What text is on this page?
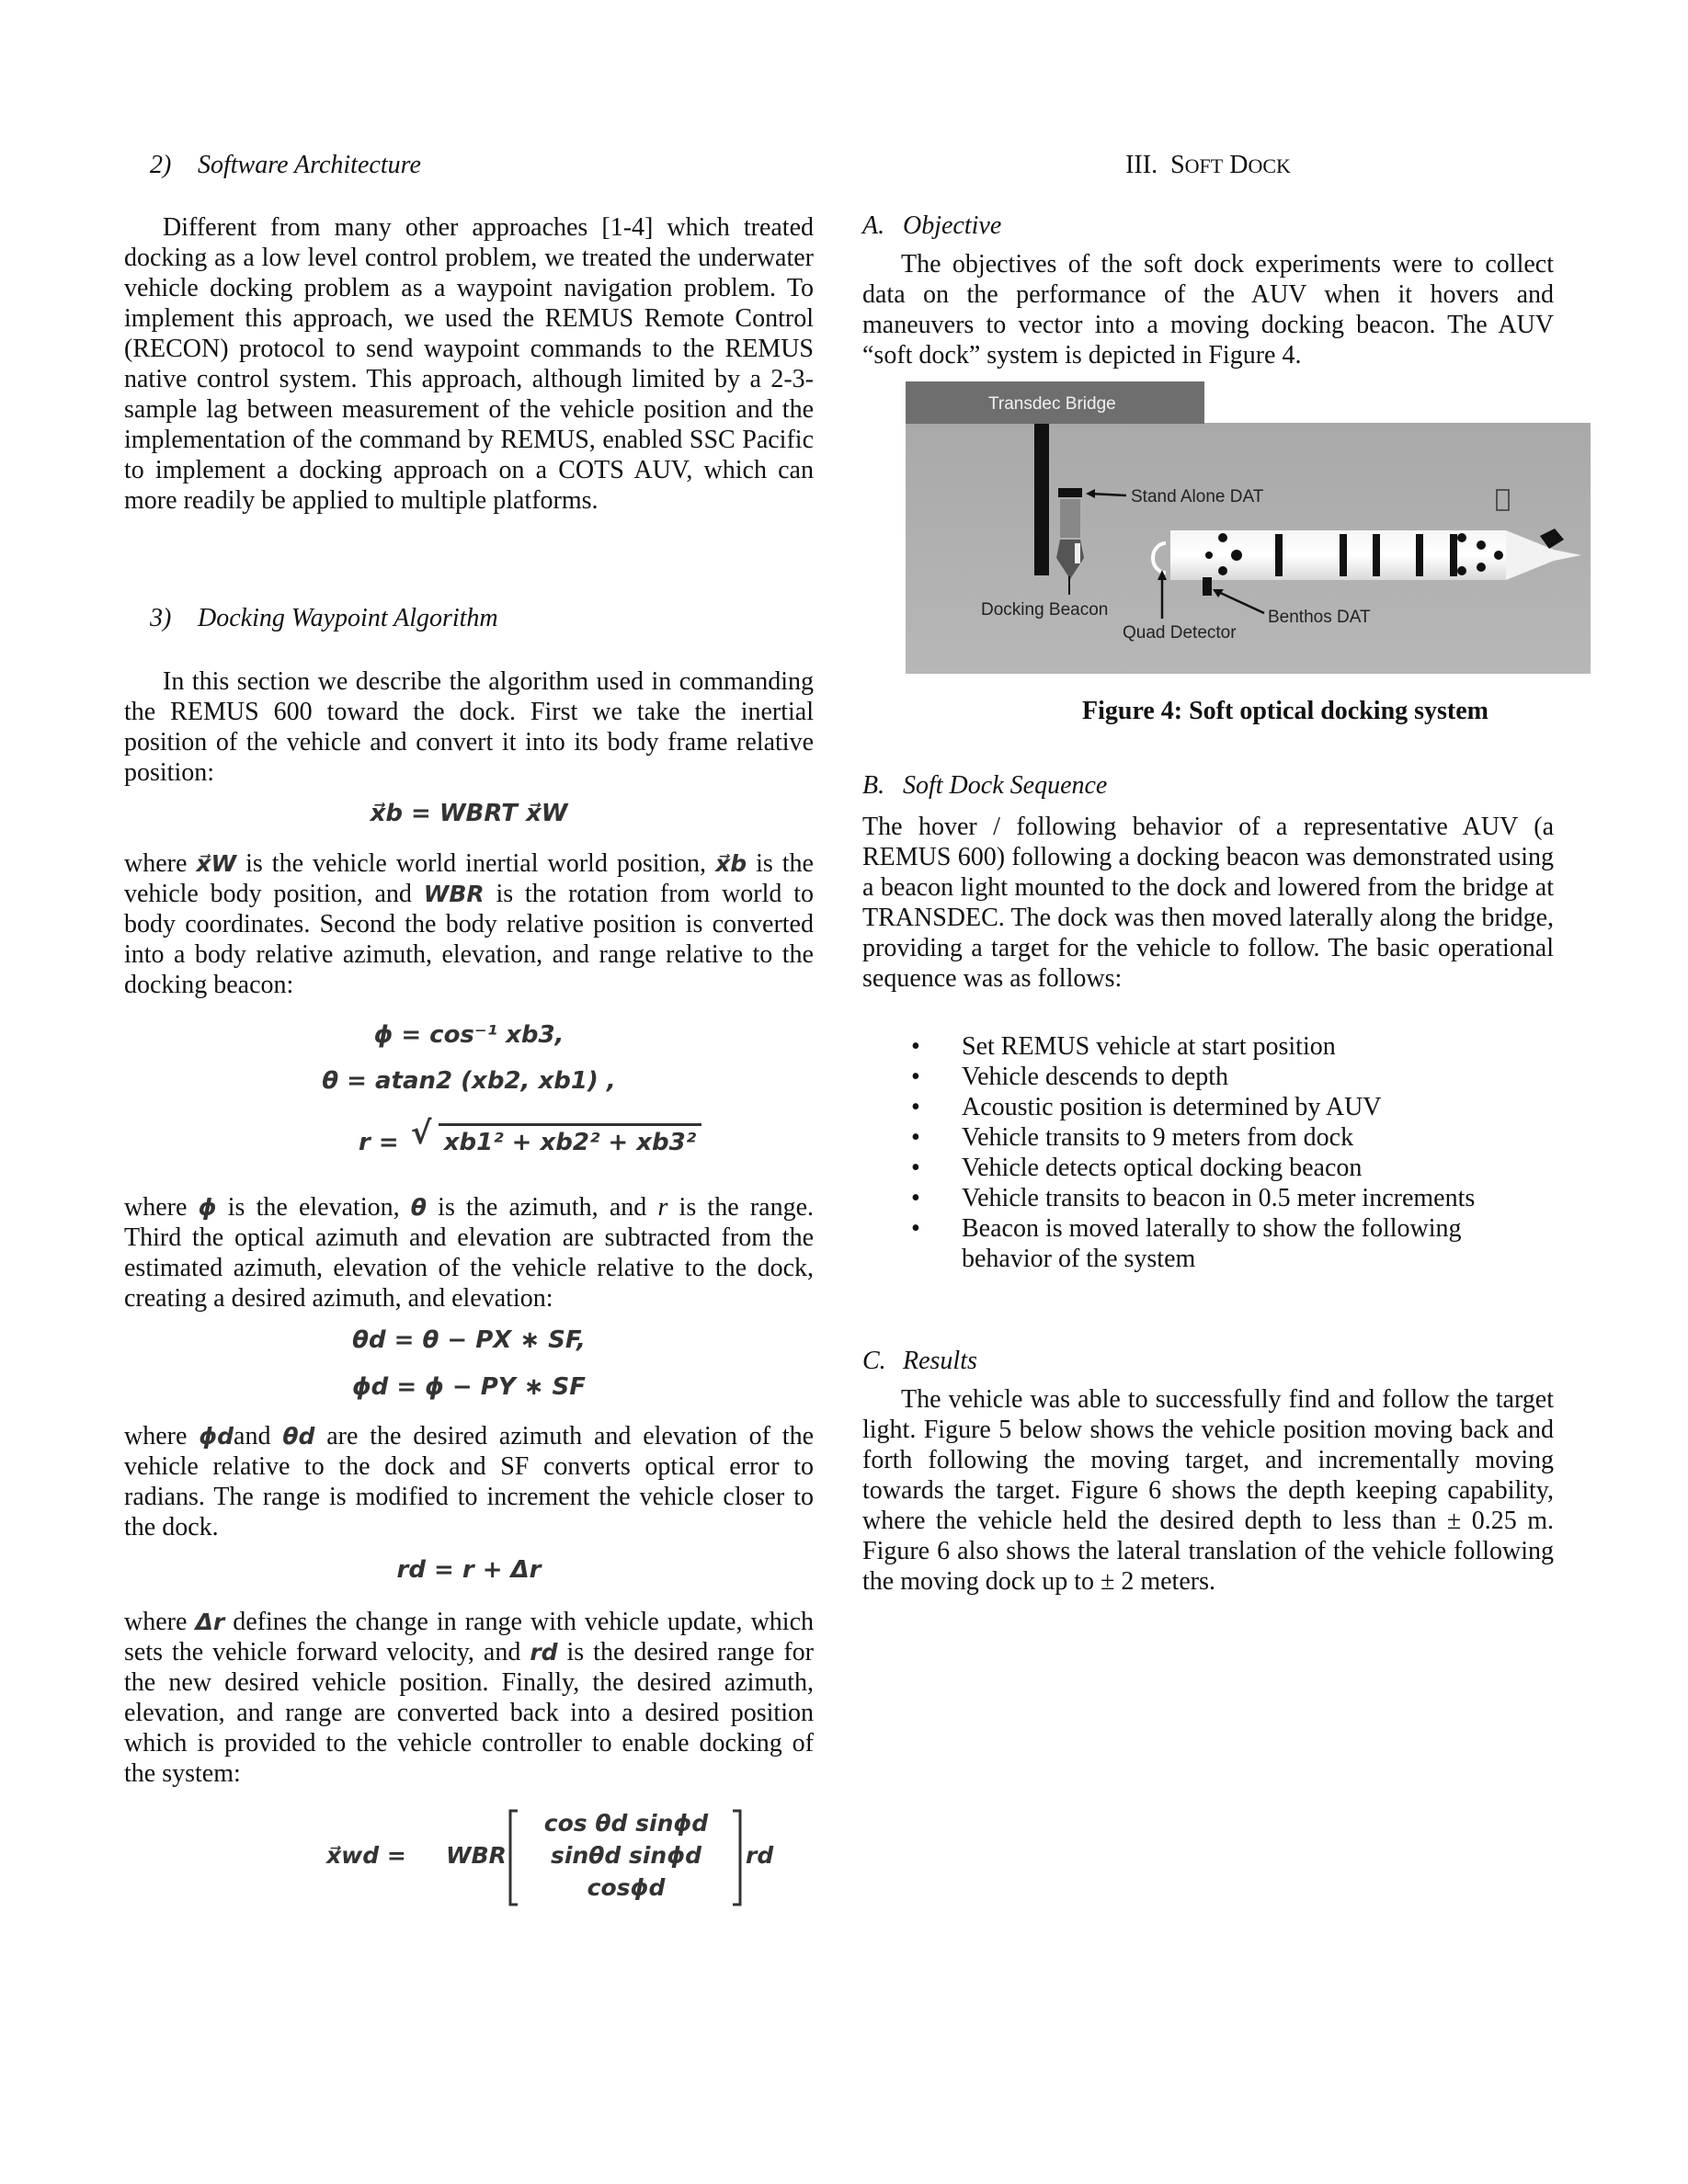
2) Software Architecture

Different from many other approaches [1-4] which treated docking as a low level control problem, we treated the underwater vehicle docking problem as a waypoint navigation problem. To implement this approach, we used the REMUS Remote Control (RECON) protocol to send waypoint commands to the REMUS native control system. This approach, although limited by a 2-3-sample lag between measurement of the vehicle position and the implementation of the command by REMUS, enabled SSC Pacific to implement a docking approach on a COTS AUV, which can more readily be applied to multiple platforms.

3) Docking Waypoint Algorithm

In this section we describe the algorithm used in commanding the REMUS 600 toward the dock. First we take the inertial position of the vehicle and convert it into its body frame relative position:

x⃗b = WBRT x⃗W

where x⃗W is the vehicle world inertial world position, x⃗b is the vehicle body position, and WBR is the rotation from world to body coordinates. Second the body relative position is converted into a body relative azimuth, elevation, and range relative to the docking beacon:

ϕ = cos⁻¹ xb3,
θ = atan2 (xb2, xb1) ,
r = √ xb1² + xb2² + xb3²

where ϕ is the elevation, θ is the azimuth, and r is the range. Third the optical azimuth and elevation are subtracted from the estimated azimuth, elevation of the vehicle relative to the dock, creating a desired azimuth, and elevation:

θd = θ − PX ∗ SF,
ϕd = ϕ − PY ∗ SF

where ϕdand θd are the desired azimuth and elevation of the vehicle relative to the dock and SF converts optical error to radians. The range is modified to increment the vehicle closer to the dock.

rd = r + Δr

where Δr defines the change in range with vehicle update, which sets the vehicle forward velocity, and rd is the desired range for the new desired vehicle position. Finally, the desired azimuth, elevation, and range are converted back into a desired position which is provided to the vehicle controller to enable docking of the system:

x⃗wd = WBR
cos θd sinϕd
sinθd sinϕd
cosϕd
rd
III. SOFT DOCK
A. Objective

The objectives of the soft dock experiments were to collect data on the performance of the AUV when it hovers and maneuvers to vector into a moving docking beacon. The AUV “soft dock” system is depicted in Figure 4.

Figure 4: Soft optical docking system
B. Soft Dock Sequence

The hover / following behavior of a representative AUV (a REMUS 600) following a docking beacon was demonstrated using a beacon light mounted to the dock and lowered from the bridge at TRANSDEC. The dock was then moved laterally along the bridge, providing a target for the vehicle to follow. The basic operational sequence was as follows:

• Set REMUS vehicle at start position
• Vehicle descends to depth
• Acoustic position is determined by AUV
• Vehicle transits to 9 meters from dock
• Vehicle detects optical docking beacon
• Vehicle transits to beacon in 0.5 meter increments
• Beacon is moved laterally to show the following behavior of the system
C. Results

The vehicle was able to successfully find and follow the target light. Figure 5 below shows the vehicle position moving back and forth following the moving target, and incrementally moving towards the target. Figure 6 shows the depth keeping capability, where the vehicle held the desired depth to less than ± 0.25 m. Figure 6 also shows the lateral translation of the vehicle following the moving dock up to ± 2 meters.

Transdec Bridge
Stand Alone DAT
Docking Beacon
Quad Detector
Benthos DAT
